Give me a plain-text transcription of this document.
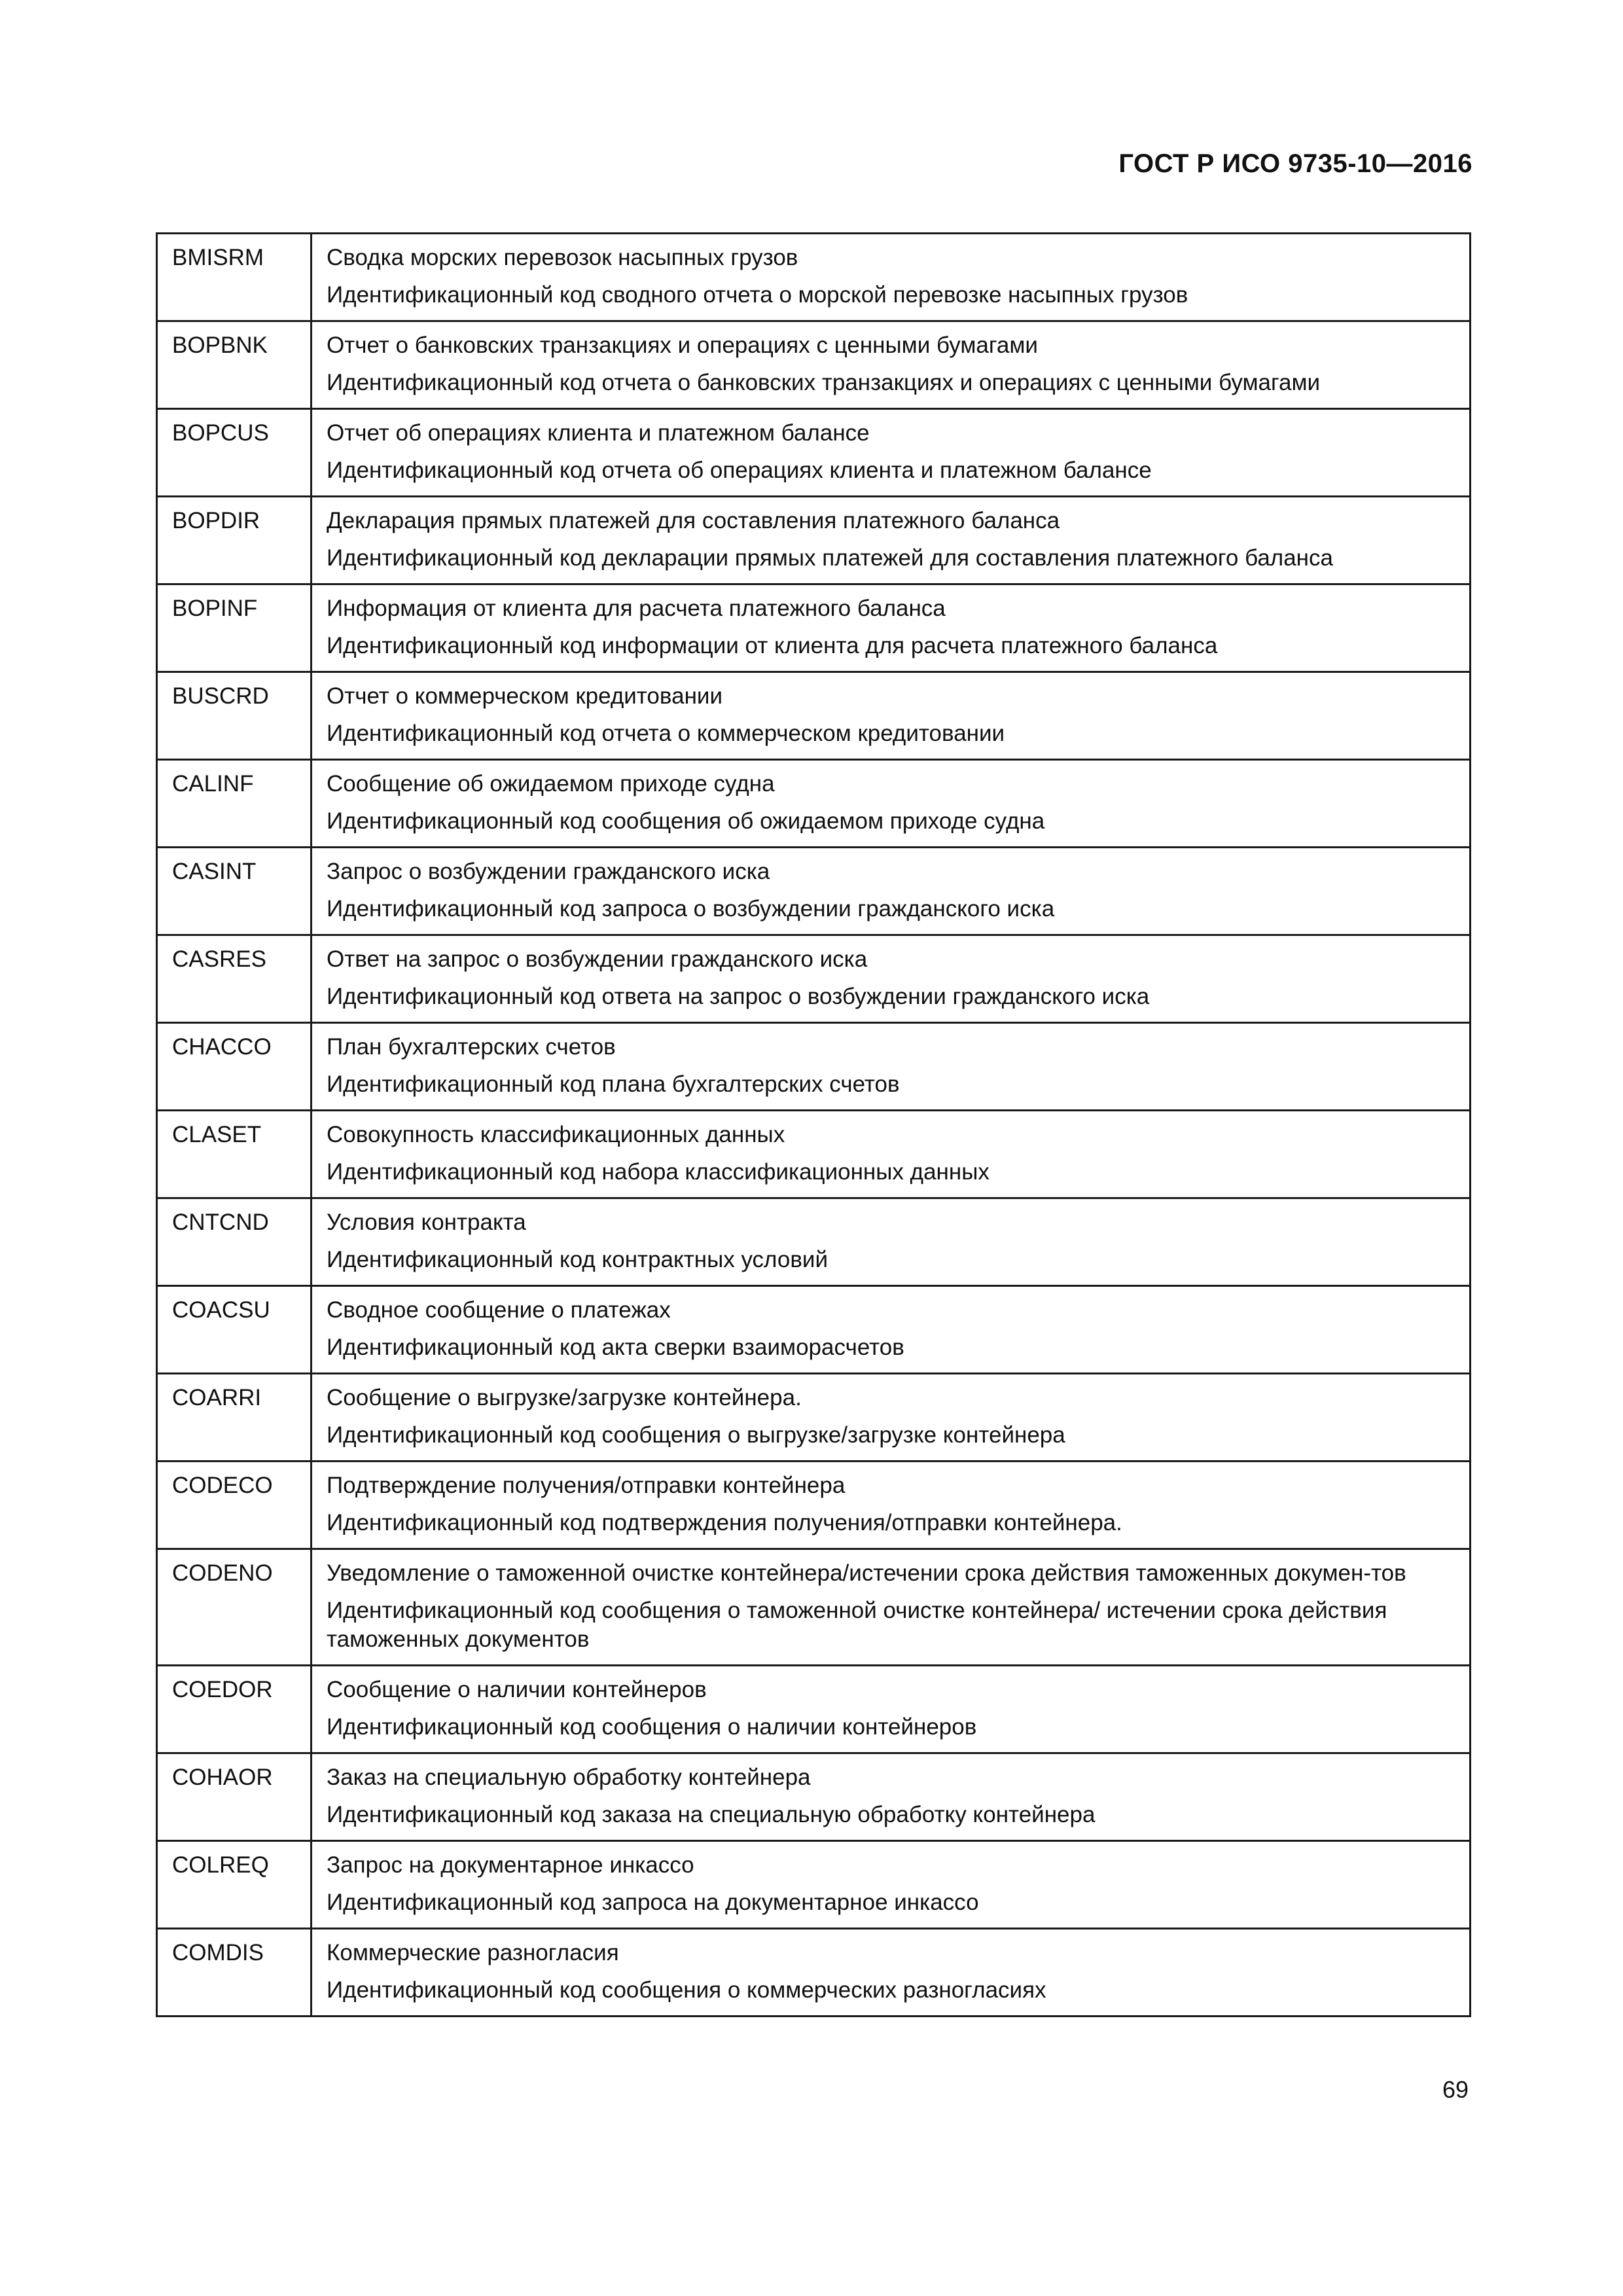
ГОСТ Р ИСО 9735-10—2016
BMISRM	Сводка морских перевозок насыпных грузов
Идентификационный код сводного отчета о морской перевозке насыпных грузов

BOPBNK	Отчет о банковских транзакциях и операциях с ценными бумагами
Идентификационный код отчета о банковских транзакциях и операциях с ценными бумагами

BOPCUS	Отчет об операциях клиента и платежном балансе
Идентификационный код отчета об операциях клиента и платежном балансе

BOPDIR	Декларация прямых платежей для составления платежного баланса
Идентификационный код декларации прямых платежей для составления платежного баланса

BOPINF	Информация от клиента для расчета платежного баланса
Идентификационный код информации от клиента для расчета платежного баланса

BUSCRD	Отчет о коммерческом кредитовании
Идентификационный код отчета о коммерческом кредитовании

CALINF	Сообщение об ожидаемом приходе судна
Идентификационный код сообщения об ожидаемом приходе судна

CASINT	Запрос о возбуждении гражданского иска
Идентификационный код запроса о возбуждении гражданского иска

CASRES	Ответ на запрос о возбуждении гражданского иска
Идентификационный код ответа на запрос о возбуждении гражданского иска

CHACCO	План бухгалтерских счетов
Идентификационный код плана бухгалтерских счетов

CLASET	Совокупность классификационных данных
Идентификационный код набора классификационных данных

CNTCND	Условия контракта
Идентификационный код контрактных условий

COACSU	Сводное сообщение о платежах
Идентификационный код акта сверки взаиморасчетов

COARRI	Сообщение о выгрузке/загрузке контейнера.
Идентификационный код сообщения о выгрузке/загрузке контейнера

CODECO	Подтверждение получения/отправки контейнера
Идентификационный код подтверждения получения/отправки контейнера.

CODENO	Уведомление о таможенной очистке контейнера/истечении срока действия таможенных докумен-тов
Идентификационный код сообщения о таможенной очистке контейнера/ истечении срока действия таможенных документов

COEDOR	Сообщение о наличии контейнеров
Идентификационный код сообщения о наличии контейнеров

COHAOR	Заказ на специальную обработку контейнера
Идентификационный код заказа на специальную обработку контейнера

COLREQ	Запрос на документарное инкассо
Идентификационный код запроса на документарное инкассо

COMDIS	Коммерческие разногласия
Идентификационный код сообщения о коммерческих разногласиях
69
